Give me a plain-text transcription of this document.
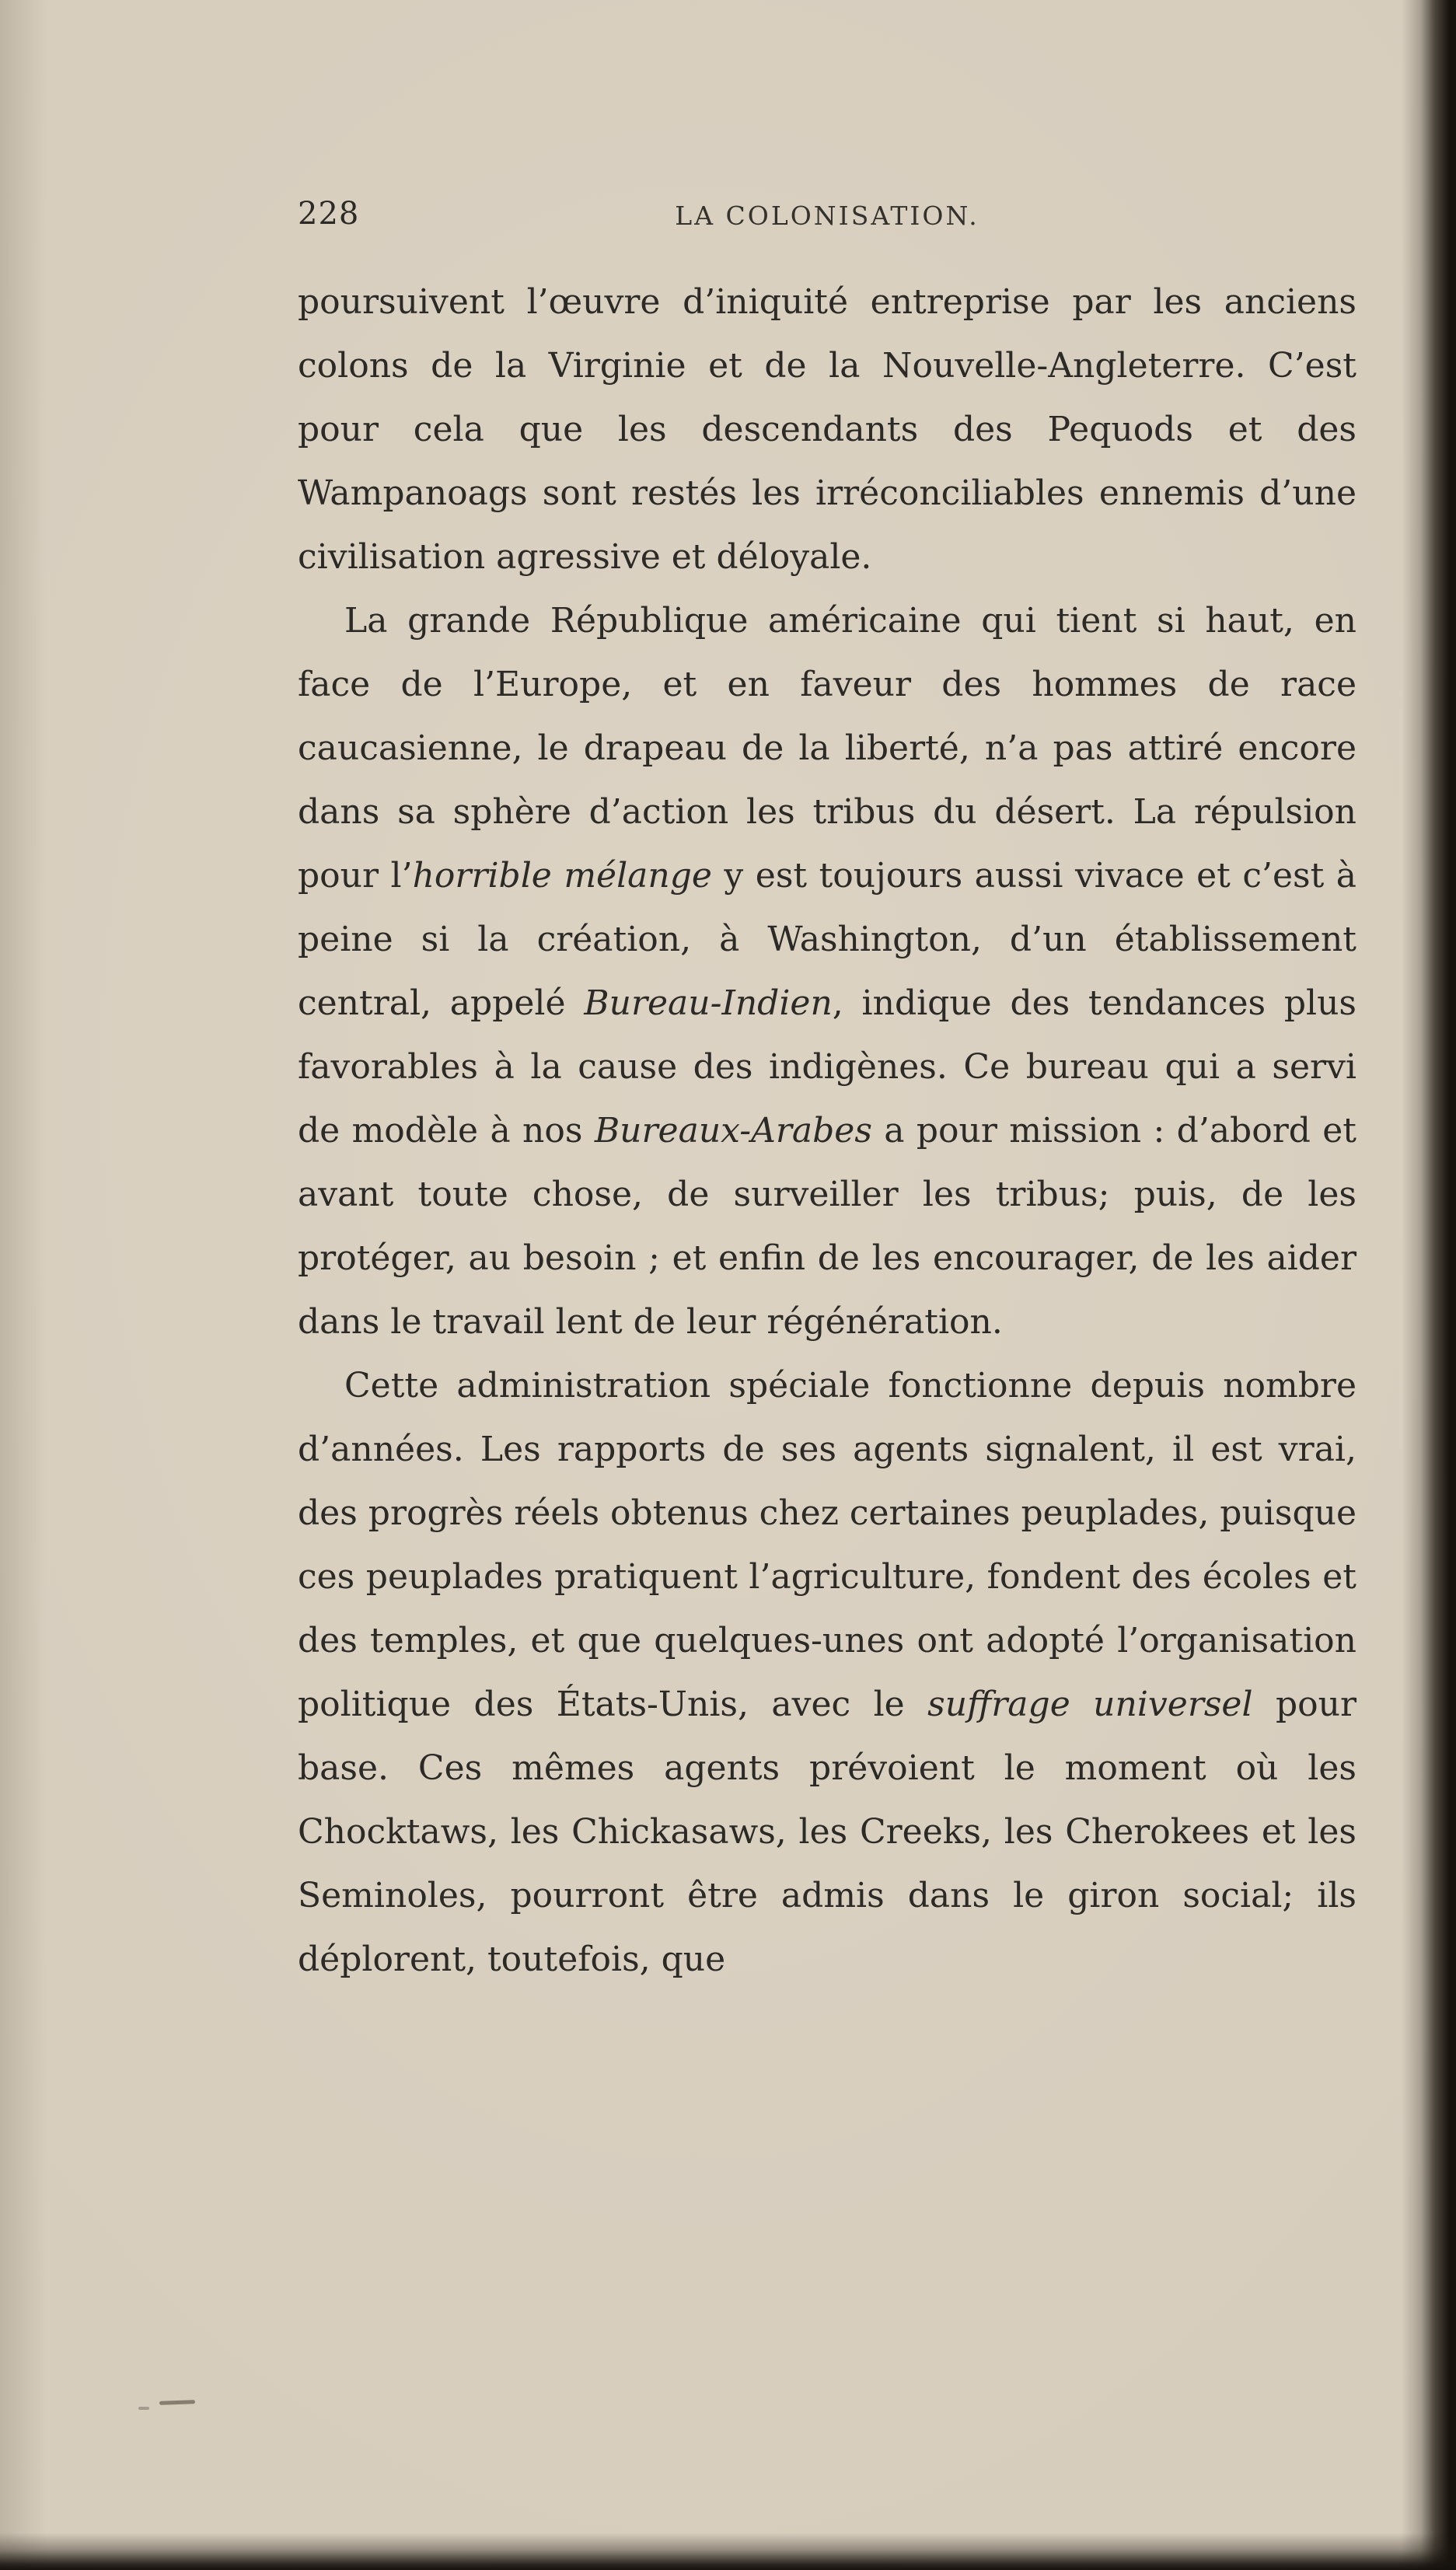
228	LA COLONISATION.

poursuivent l’œuvre d’iniquité entreprise par les anciens colons de la Virginie et de la Nouvelle-Angleterre. C’est pour cela que les descendants des Pequods et des Wampanoags sont restés les irréconciliables ennemis d’une civilisation agressive et déloyale.

La grande République américaine qui tient si haut, en face de l’Europe, et en faveur des hommes de race caucasienne, le drapeau de la liberté, n’a pas attiré encore dans sa sphère d’action les tribus du désert. La répulsion pour l’horrible mélange y est toujours aussi vivace et c’est à peine si la création, à Washington, d’un établissement central, appelé Bureau-Indien, indique des tendances plus favorables à la cause des indigènes. Ce bureau qui a servi de modèle à nos Bureaux-Arabes a pour mission : d’abord et avant toute chose, de surveiller les tribus; puis, de les protéger, au besoin ; et enfin de les encourager, de les aider dans le travail lent de leur régénération.

Cette administration spéciale fonctionne depuis nombre d’années. Les rapports de ses agents signalent, il est vrai, des progrès réels obtenus chez certaines peuplades, puisque ces peuplades pratiquent l’agriculture, fondent des écoles et des temples, et que quelques-unes ont adopté l’organisation politique des États-Unis, avec le suffrage universel pour base. Ces mêmes agents prévoient le moment où les Chocktaws, les Chickasaws, les Creeks, les Cherokees et les Seminoles, pourront être admis dans le giron social; ils déplorent, toutefois, que
